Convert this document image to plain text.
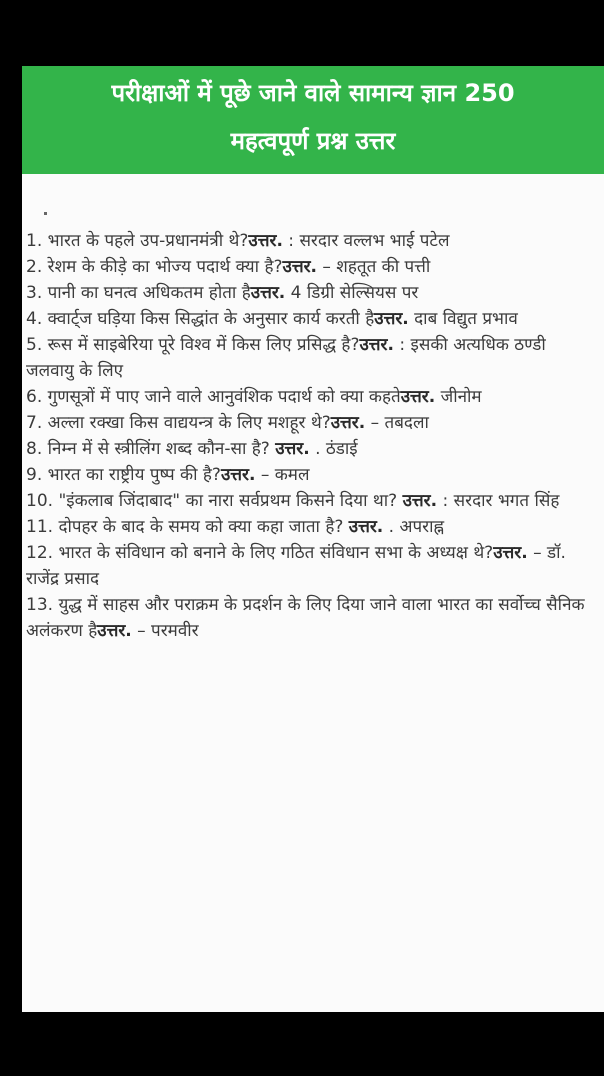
परीक्षाओं में पूछे जाने वाले सामान्य ज्ञान 250
महत्वपूर्ण प्रश्न उत्तर
1. भारत के पहले उप-प्रधानमंत्री थे?उत्तर. : सरदार वल्लभ भाई पटेल
2. रेशम के कीड़े का भोज्य पदार्थ क्या है?उत्तर. – शहतूत की पत्ती
3. पानी का घनत्व अधिकतम होता हैउत्तर. 4 डिग्री सेल्सियस पर
4. क्वार्ट्ज घड़िया किस सिद्धांत के अनुसार कार्य करती हैउत्तर. दाब विद्युत प्रभाव
5. रूस में साइबेरिया पूरे विश्व में किस लिए प्रसिद्ध है?उत्तर. : इसकी अत्यधिक ठण्डी जलवायु के लिए
6. गुणसूत्रों में पाए जाने वाले आनुवंशिक पदार्थ को क्या कहतेउत्तर. जीनोम
7. अल्ला रक्खा किस वाद्ययन्त्र के लिए मशहूर थे?उत्तर. – तबदला
8. निम्न में से स्त्रीलिंग शब्द कौन-सा है? उत्तर. . ठंडाई
9. भारत का राष्ट्रीय पुष्प की है?उत्तर. – कमल
10. "इंकलाब जिंदाबाद" का नारा सर्वप्रथम किसने दिया था? उत्तर. : सरदार भगत सिंह
11. दोपहर के बाद के समय को क्या कहा जाता है? उत्तर. . अपराह्न
12. भारत के संविधान को बनाने के लिए गठित संविधान सभा के अध्यक्ष थे?उत्तर. – डॉ. राजेंद्र प्रसाद
13. युद्ध में साहस और पराक्रम के प्रदर्शन के लिए दिया जाने वाला भारत का सर्वोच्च सैनिक अलंकरण हैउत्तर. – परमवीर
